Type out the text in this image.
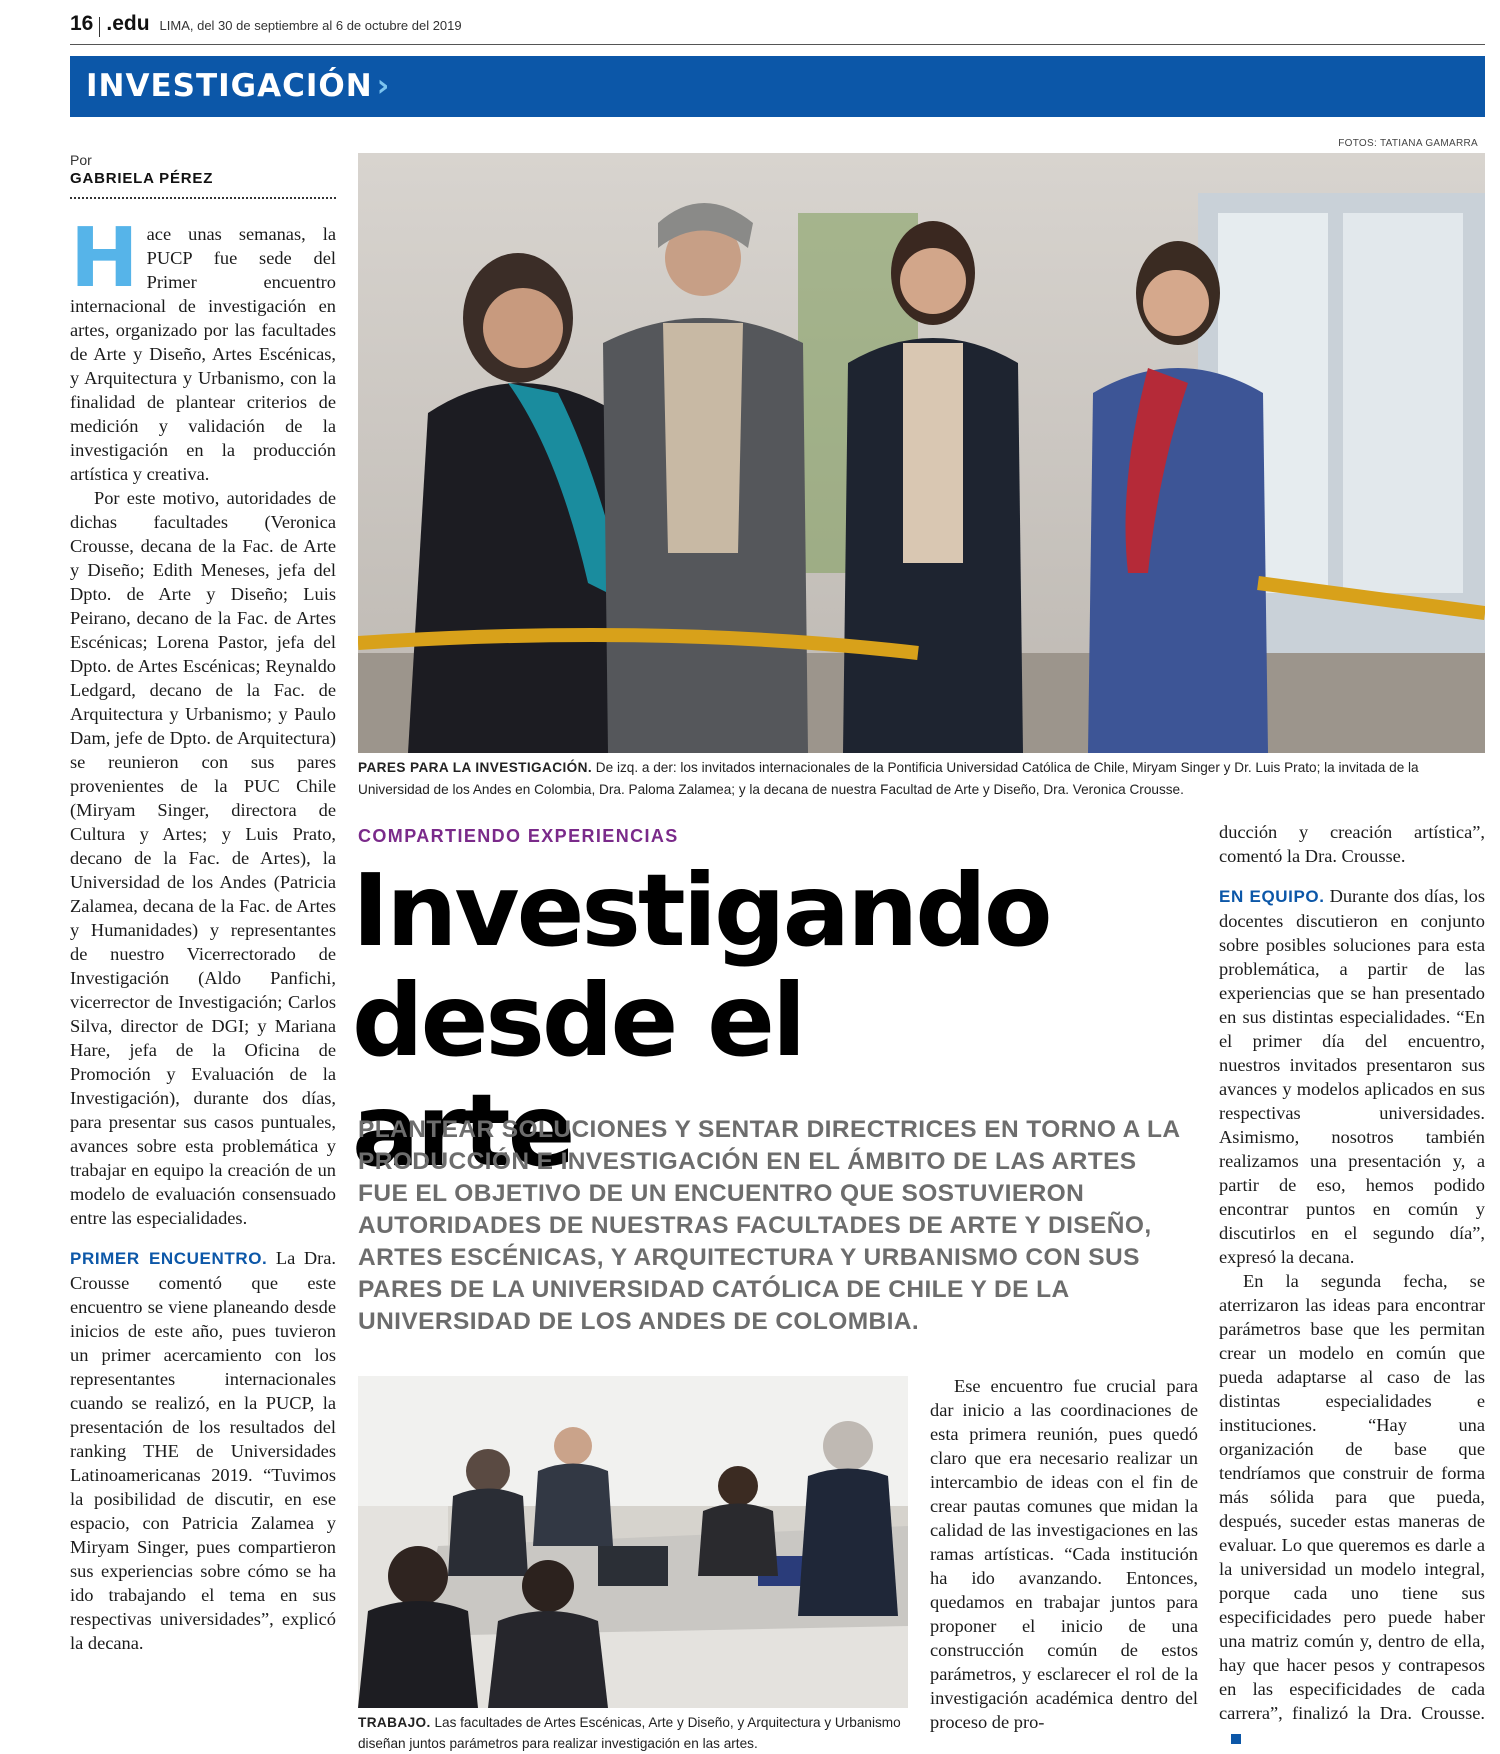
16 .edu LIMA, del 30 de septiembre al 6 de octubre del 2019
INVESTIGACIÓN ›
FOTOS: TATIANA GAMARRA
Por
GABRIELA PÉREZ

Hace unas semanas, la PUCP fue sede del Primer encuentro internacional de investigación en artes, organizado por las facultades de Arte y Diseño, Artes Escénicas, y Arquitectura y Urbanismo, con la finalidad de plantear criterios de medición y validación de la investigación en la producción artística y creativa.

Por este motivo, autoridades de dichas facultades (Veronica Crousse, decana de la Fac. de Arte y Diseño; Edith Meneses, jefa del Dpto. de Arte y Diseño; Luis Peirano, decano de la Fac. de Artes Escénicas; Lorena Pastor, jefa del Dpto. de Artes Escénicas; Reynaldo Ledgard, decano de la Fac. de Arquitectura y Urbanismo; y Paulo Dam, jefe de Dpto. de Arquitectura) se reunieron con sus pares provenientes de la PUC Chile (Miryam Singer, directora de Cultura y Artes; y Luis Prato, decano de la Fac. de Artes), la Universidad de los Andes (Patricia Zalamea, decana de la Fac. de Artes y Humanidades) y representantes de nuestro Vicerrectorado de Investigación (Aldo Panfichi, vicerrector de Investigación; Carlos Silva, director de DGI; y Mariana Hare, jefa de la Oficina de Promoción y Evaluación de la Investigación), durante dos días, para presentar sus casos puntuales, avances sobre esta problemática y trabajar en equipo la creación de un modelo de evaluación consensuado entre las especialidades.

PRIMER ENCUENTRO. La Dra. Crousse comentó que este encuentro se viene planeando desde inicios de este año, pues tuvieron un primer acercamiento con los representantes internacionales cuando se realizó, en la PUCP, la presentación de los resultados del ranking THE de Universidades Latinoamericanas 2019. “Tuvimos la posibilidad de discutir, en ese espacio, con Patricia Zalamea y Miryam Singer, pues compartieron sus experiencias sobre cómo se ha ido trabajando el tema en sus respectivas universidades”, explicó la decana.

PARES PARA LA INVESTIGACIÓN. De izq. a der: los invitados internacionales de la Pontificia Universidad Católica de Chile, Miryam Singer y Dr. Luis Prato; la invitada de la Universidad de los Andes en Colombia, Dra. Paloma Zalamea; y la decana de nuestra Facultad de Arte y Diseño, Dra. Veronica Crousse.
COMPARTIENDO EXPERIENCIAS
Investigando
desde el arte
PLANTEAR SOLUCIONES Y SENTAR DIRECTRICES EN TORNO A LA PRODUCCIÓN E INVESTIGACIÓN EN EL ÁMBITO DE LAS ARTES FUE EL OBJETIVO DE UN ENCUENTRO QUE SOSTUVIERON AUTORIDADES DE NUESTRAS FACULTADES DE ARTE Y DISEÑO, ARTES ESCÉNICAS, Y ARQUITECTURA Y URBANISMO CON SUS PARES DE LA UNIVERSIDAD CATÓLICA DE CHILE Y DE LA UNIVERSIDAD DE LOS ANDES DE COLOMBIA.
TRABAJO. Las facultades de Artes Escénicas, Arte y Diseño, y Arquitectura y Urbanismo diseñan juntos parámetros para realizar investigación en las artes.

Ese encuentro fue crucial para dar inicio a las coordinaciones de esta primera reunión, pues quedó claro que era necesario realizar un intercambio de ideas con el fin de crear pautas comunes que midan la calidad de las investigaciones en las ramas artísticas. “Cada institución ha ido avanzando. Entonces, quedamos en trabajar juntos para proponer el inicio de una construcción común de estos parámetros, y esclarecer el rol de la investigación académica dentro del proceso de pro-

ducción y creación artística”, comentó la Dra. Crousse.

EN EQUIPO. Durante dos días, los docentes discutieron en conjunto sobre posibles soluciones para esta problemática, a partir de las experiencias que se han presentado en sus distintas especialidades. “En el primer día del encuentro, nuestros invitados presentaron sus avances y modelos aplicados en sus respectivas universidades. Asimismo, nosotros también realizamos una presentación y, a partir de eso, hemos podido encontrar puntos en común y discutirlos en el segundo día”, expresó la decana.

En la segunda fecha, se aterrizaron las ideas para encontrar parámetros base que les permitan crear un modelo en común que pueda adaptarse al caso de las distintas especialidades e instituciones. “Hay una organización de base que tendríamos que construir de forma más sólida para que pueda, después, suceder estas maneras de evaluar. Lo que queremos es darle a la universidad un modelo integral, porque cada uno tiene sus especificidades pero puede haber una matriz común y, dentro de ella, hay que hacer pesos y contrapesos en las especificidades de cada carrera”, finalizó la Dra. Crousse.
